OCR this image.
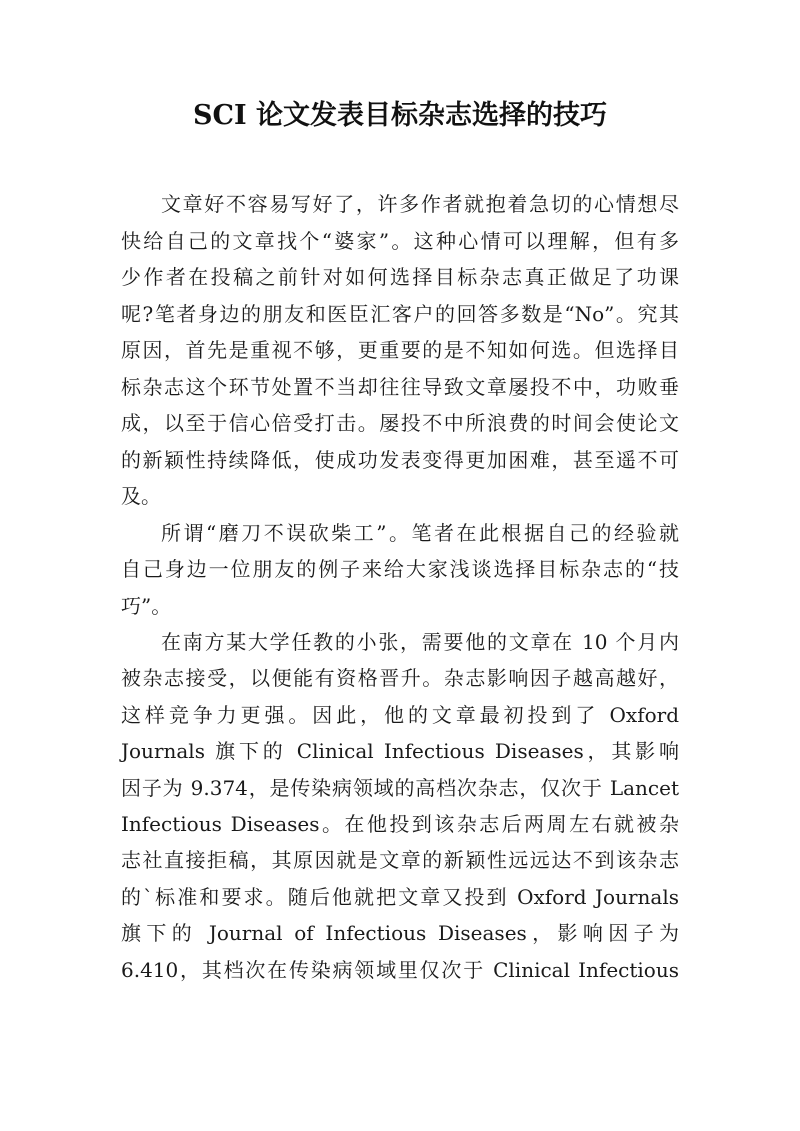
SCI 论文发表目标杂志选择的技巧

文章好不容易写好了，许多作者就抱着急切的心情想尽
快给自己的文章找个“婆家”。这种心情可以理解，但有多
少作者在投稿之前针对如何选择目标杂志真正做足了功课
呢?笔者身边的朋友和医臣汇客户的回答多数是“No”。究其
原因，首先是重视不够，更重要的是不知如何选。但选择目
标杂志这个环节处置不当却往往导致文章屡投不中，功败垂
成，以至于信心倍受打击。屡投不中所浪费的时间会使论文
的新颖性持续降低，使成功发表变得更加困难，甚至遥不可
及。

所谓“磨刀不误砍柴工”。笔者在此根据自己的经验就
自己身边一位朋友的例子来给大家浅谈选择目标杂志的“技
巧”。

在南方某大学任教的小张，需要他的文章在 10 个月内
被杂志接受，以便能有资格晋升。杂志影响因子越高越好，
这样竞争力更强。因此，他的文章最初投到了 Oxford
Journals 旗下的 Clinical Infectious Diseases，其影响
因子为 9.374，是传染病领域的高档次杂志，仅次于 Lancet
Infectious Diseases。在他投到该杂志后两周左右就被杂
志社直接拒稿，其原因就是文章的新颖性远远达不到该杂志
的`标准和要求。随后他就把文章又投到 Oxford Journals
旗下的 Journal of Infectious Diseases，影响因子为
6.410，其档次在传染病领域里仅次于 Clinical Infectious
